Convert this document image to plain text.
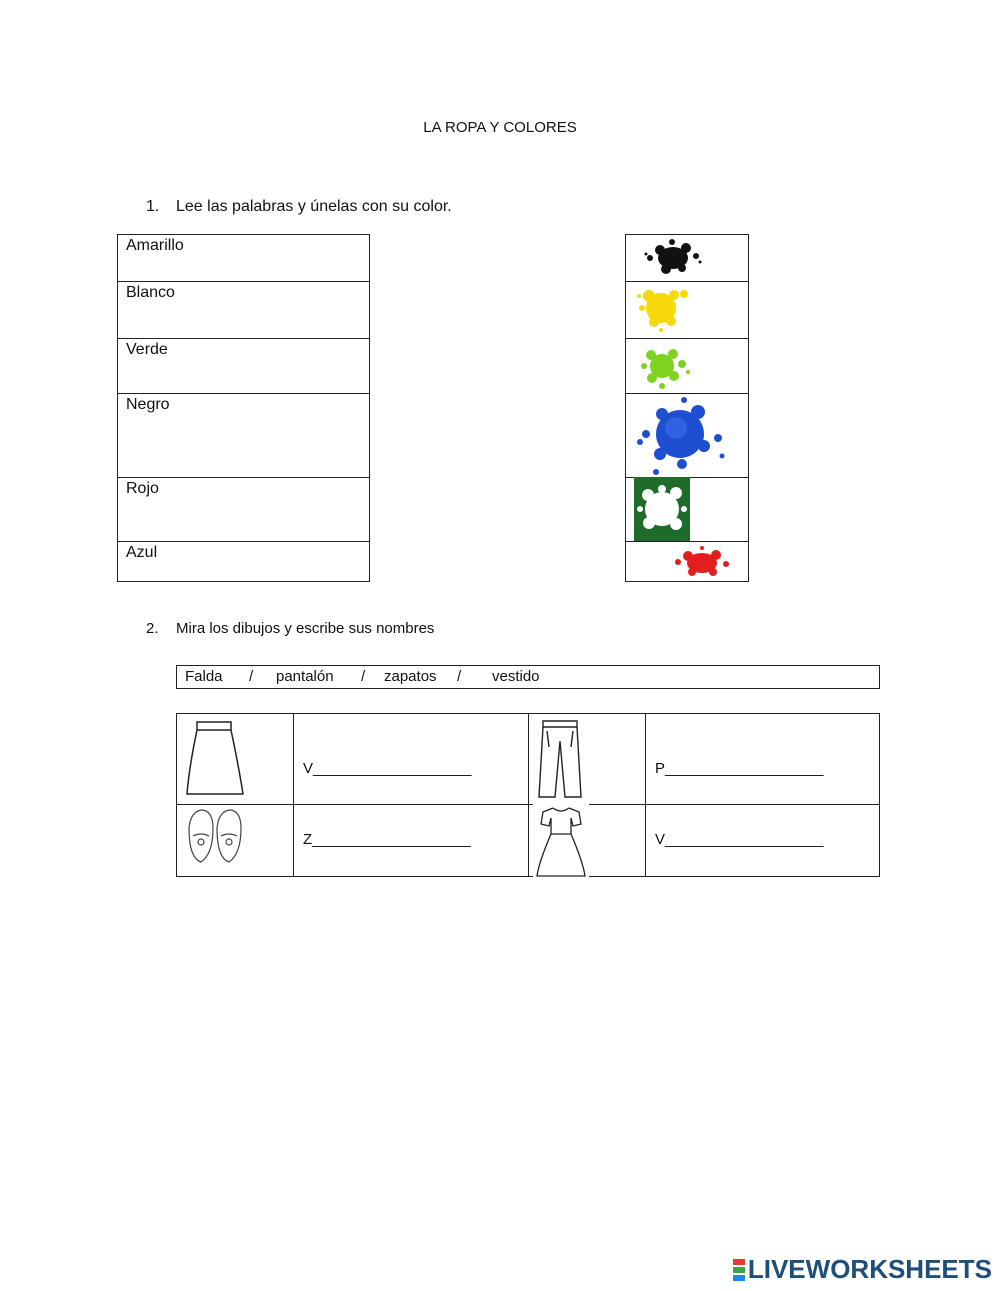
LA ROPA Y COLORES
1. Lee las palabras y únelas con su color.
Amarillo
Blanco
Verde
Negro
Rojo
Azul
2. Mira los dibujos y escribe sus nombres
Falda / pantalón / zapatos / vestido
V___________________	P___________________
Z___________________	V___________________
LIVEWORKSHEETS
